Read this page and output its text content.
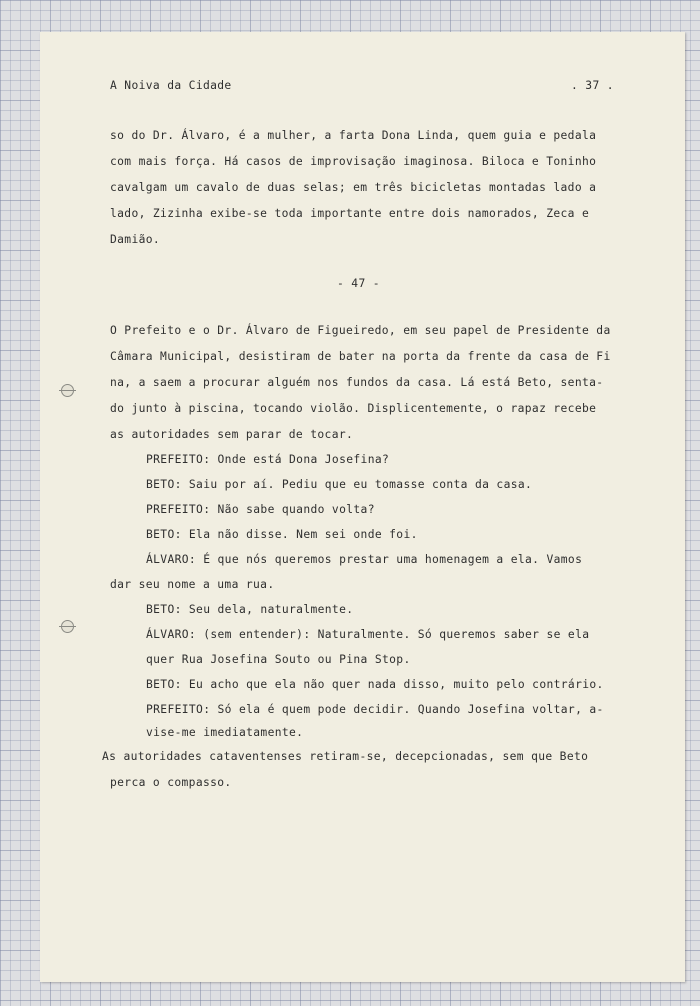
A Noiva da Cidade	. 37 .

so do Dr. Álvaro, é a mulher, a farta Dona Linda, quem guia e pedala

com mais força. Há casos de improvisação imaginosa. Biloca e Toninho

cavalgam um cavalo de duas selas; em três bicicletas montadas lado a

lado, Zizinha exibe-se toda importante entre dois namorados, Zeca e

Damião.

- 47 -

O Prefeito e o Dr. Álvaro de Figueiredo, em seu papel de Presidente da

Câmara Municipal, desistiram de bater na porta da frente da casa de Fi

na, a saem a procurar alguém nos fundos da casa. Lá está Beto, senta-

do junto à piscina, tocando violão. Displicentemente, o rapaz recebe

as autoridades sem parar de tocar.

PREFEITO: Onde está Dona Josefina?

BETO: Saiu por aí. Pediu que eu tomasse conta da casa.

PREFEITO: Não sabe quando volta?

BETO: Ela não disse. Nem sei onde foi.

ÁLVARO: É que nós queremos prestar uma homenagem a ela. Vamos

dar seu nome a uma rua.

BETO: Seu dela, naturalmente.

ÁLVARO: (sem entender): Naturalmente. Só queremos saber se ela

quer Rua Josefina Souto ou Pina Stop.

BETO: Eu acho que ela não quer nada disso, muito pelo contrário.

PREFEITO: Só ela é quem pode decidir. Quando Josefina voltar, a-

vise-me imediatamente.

As autoridades cataventenses retiram-se, decepcionadas, sem que Beto

perca o compasso.
